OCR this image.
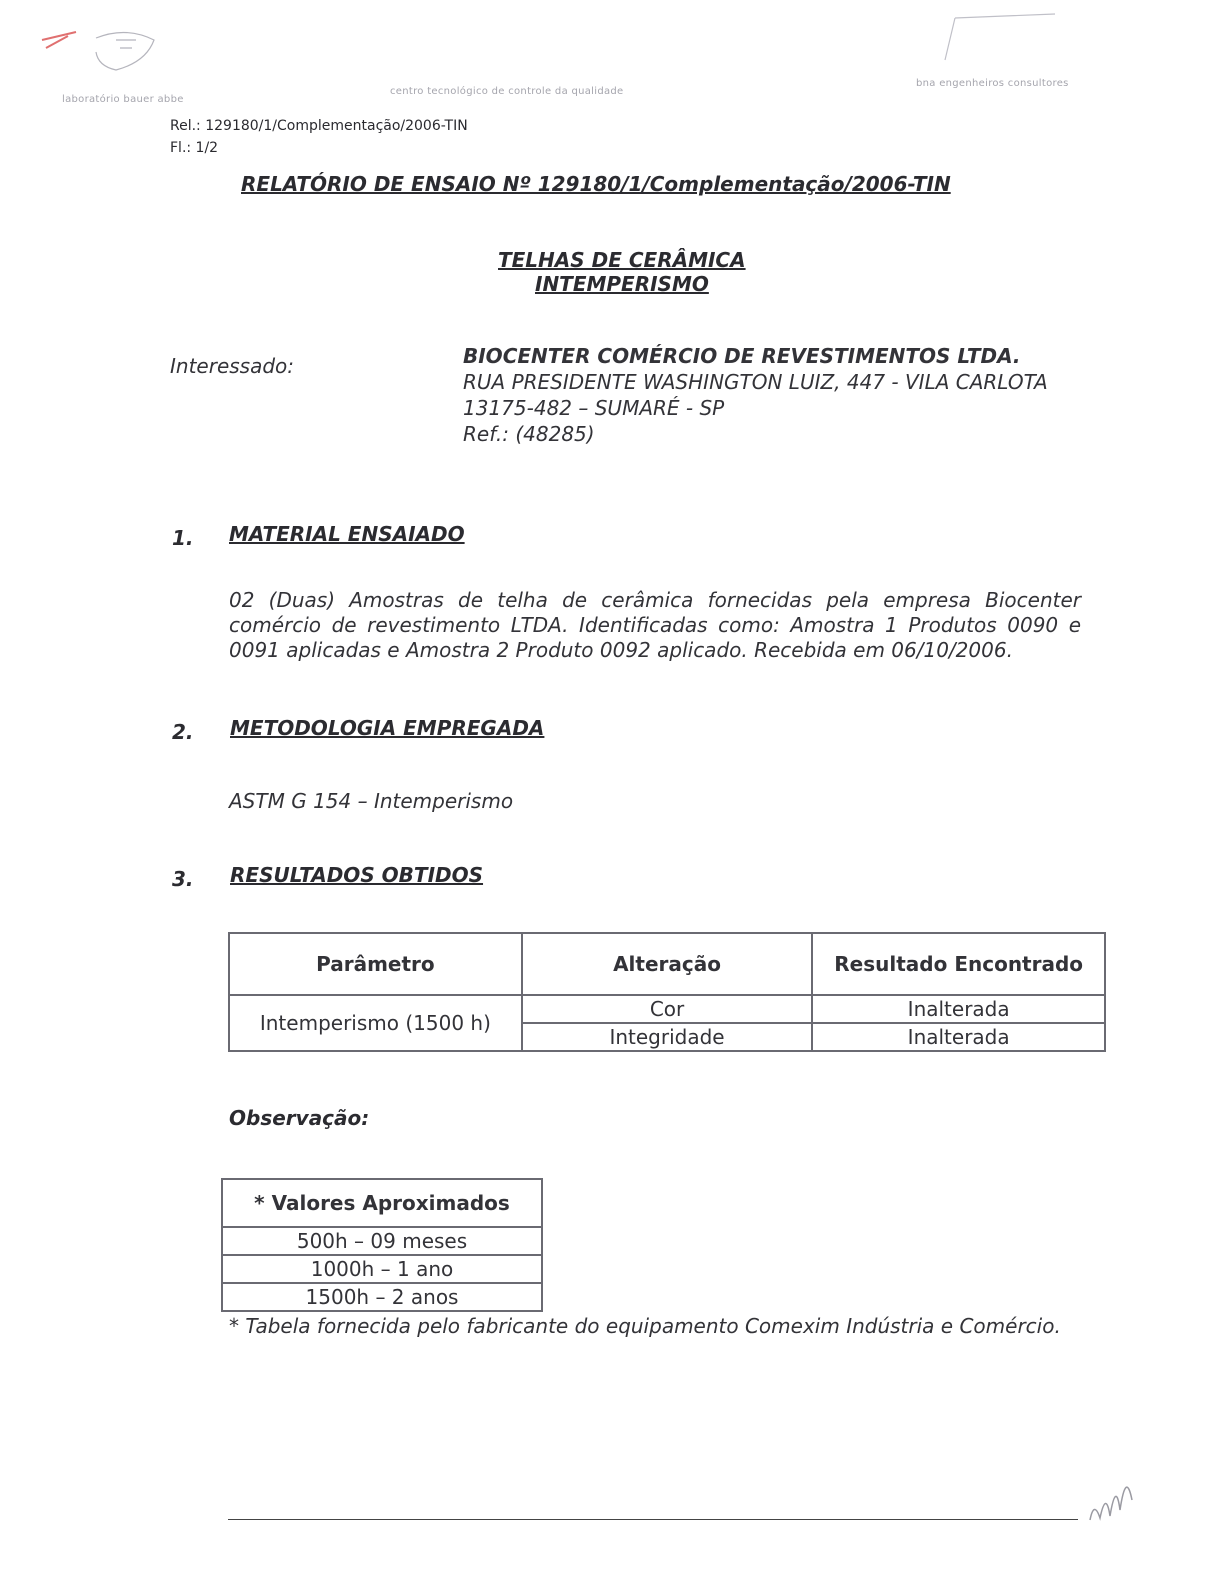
laboratório bauer abbe
centro tecnológico de controle da qualidade
bna engenheiros consultores
Rel.: 129180/1/Complementação/2006-TIN
Fl.: 1/2
RELATÓRIO DE ENSAIO Nº 129180/1/Complementação/2006-TIN
TELHAS DE CERÂMICA
INTEMPERISMO
Interessado:	BIOCENTER COMÉRCIO DE REVESTIMENTOS LTDA.
RUA PRESIDENTE WASHINGTON LUIZ, 447 - VILA CARLOTA
13175-482 – SUMARÉ - SP
Ref.: (48285)
1. MATERIAL ENSAIADO
02 (Duas) Amostras de telha de cerâmica fornecidas pela empresa Biocenter comércio de revestimento LTDA. Identificadas como: Amostra 1 Produtos 0090 e 0091 aplicadas e Amostra 2 Produto 0092 aplicado. Recebida em 06/10/2006.
2. METODOLOGIA EMPREGADA
ASTM G 154 – Intemperismo
3. RESULTADOS OBTIDOS
Parâmetro	Alteração	Resultado Encontrado
Intemperismo (1500 h)	Cor	Inalterada
	Integridade	Inalterada
Observação:
* Valores Aproximados
500h – 09 meses
1000h – 1 ano
1500h – 2 anos
* Tabela fornecida pelo fabricante do equipamento Comexim Indústria e Comércio.
